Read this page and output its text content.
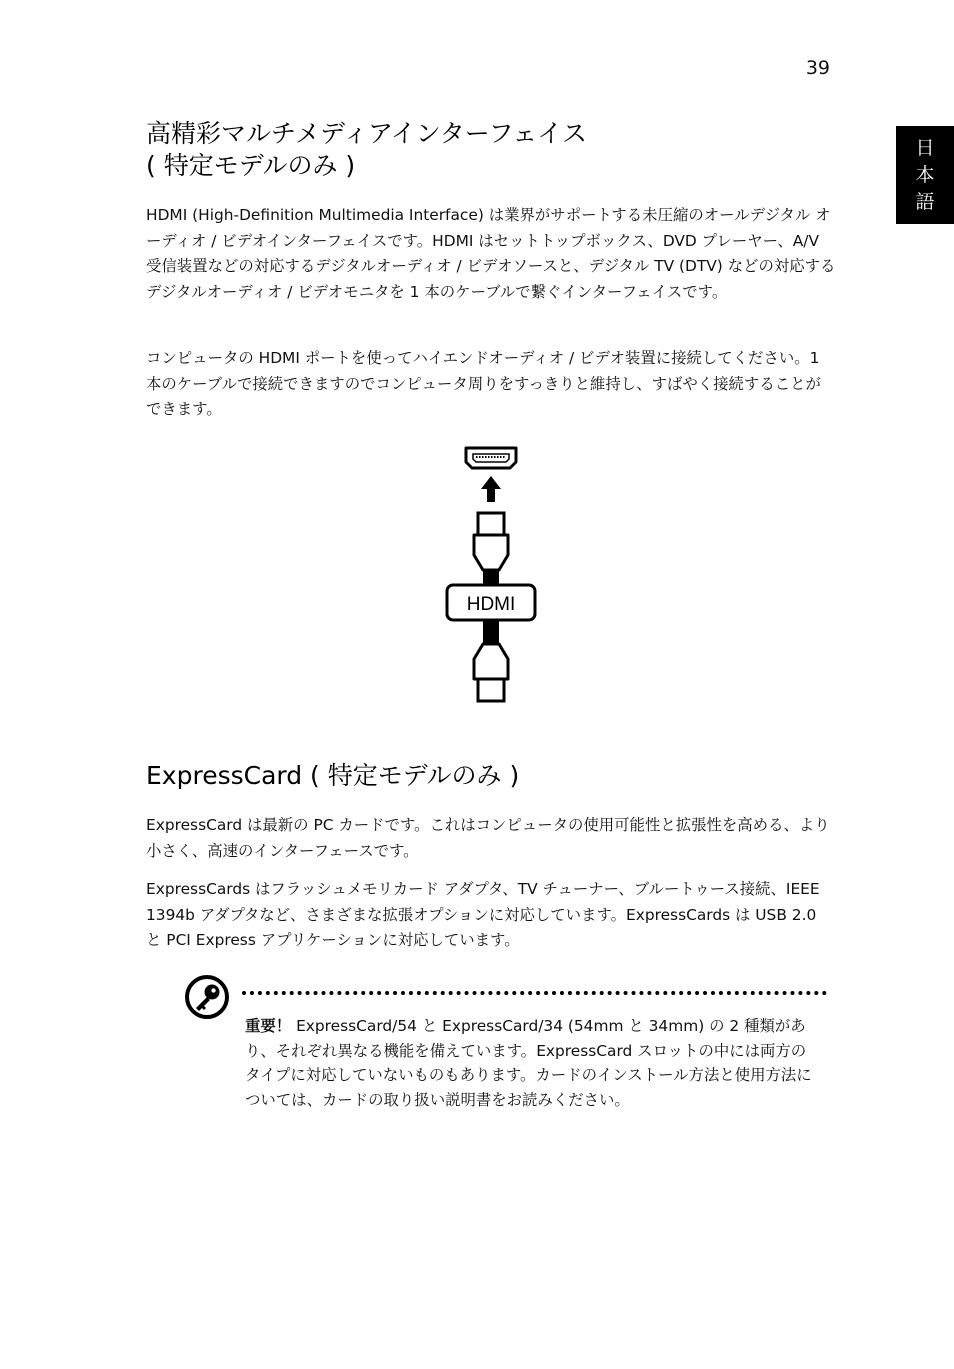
39
日
本
語
高精彩マルチメディアインターフェイス
( 特定モデルのみ )

HDMI (High-Definition Multimedia Interface) は業界がサポートする未圧縮のオールデジタル オーディオ / ビデオインターフェイスです。HDMI はセットトップボックス、DVD プレーヤー、A/V 受信装置などの対応するデジタルオーディオ / ビデオソースと、デジタル TV (DTV) などの対応するデジタルオーディオ / ビデオモニタを 1 本のケーブルで繋ぐインターフェイスです。

コンピュータの HDMI ポートを使ってハイエンドオーディオ / ビデオ装置に接続してください。1 本のケーブルで接続できますのでコンピュータ周りをすっきりと維持し、すばやく接続することができます。

HDMI
ExpressCard ( 特定モデルのみ )

ExpressCard は最新の PC カードです。これはコンピュータの使用可能性と拡張性を高める、より小さく、高速のインターフェースです。

ExpressCards はフラッシュメモリカード アダプタ、TV チューナー、ブルートゥース接続、IEEE 1394b アダプタなど、さまざまな拡張オプションに対応しています。ExpressCards は USB 2.0 と PCI Express アプリケーションに対応しています。

重要！ ExpressCard/54 と ExpressCard/34 (54mm と 34mm) の 2 種類があり、それぞれ異なる機能を備えています。ExpressCard スロットの中には両方のタイプに対応していないものもあります。カードのインストール方法と使用方法については、カードの取り扱い説明書をお読みください。
